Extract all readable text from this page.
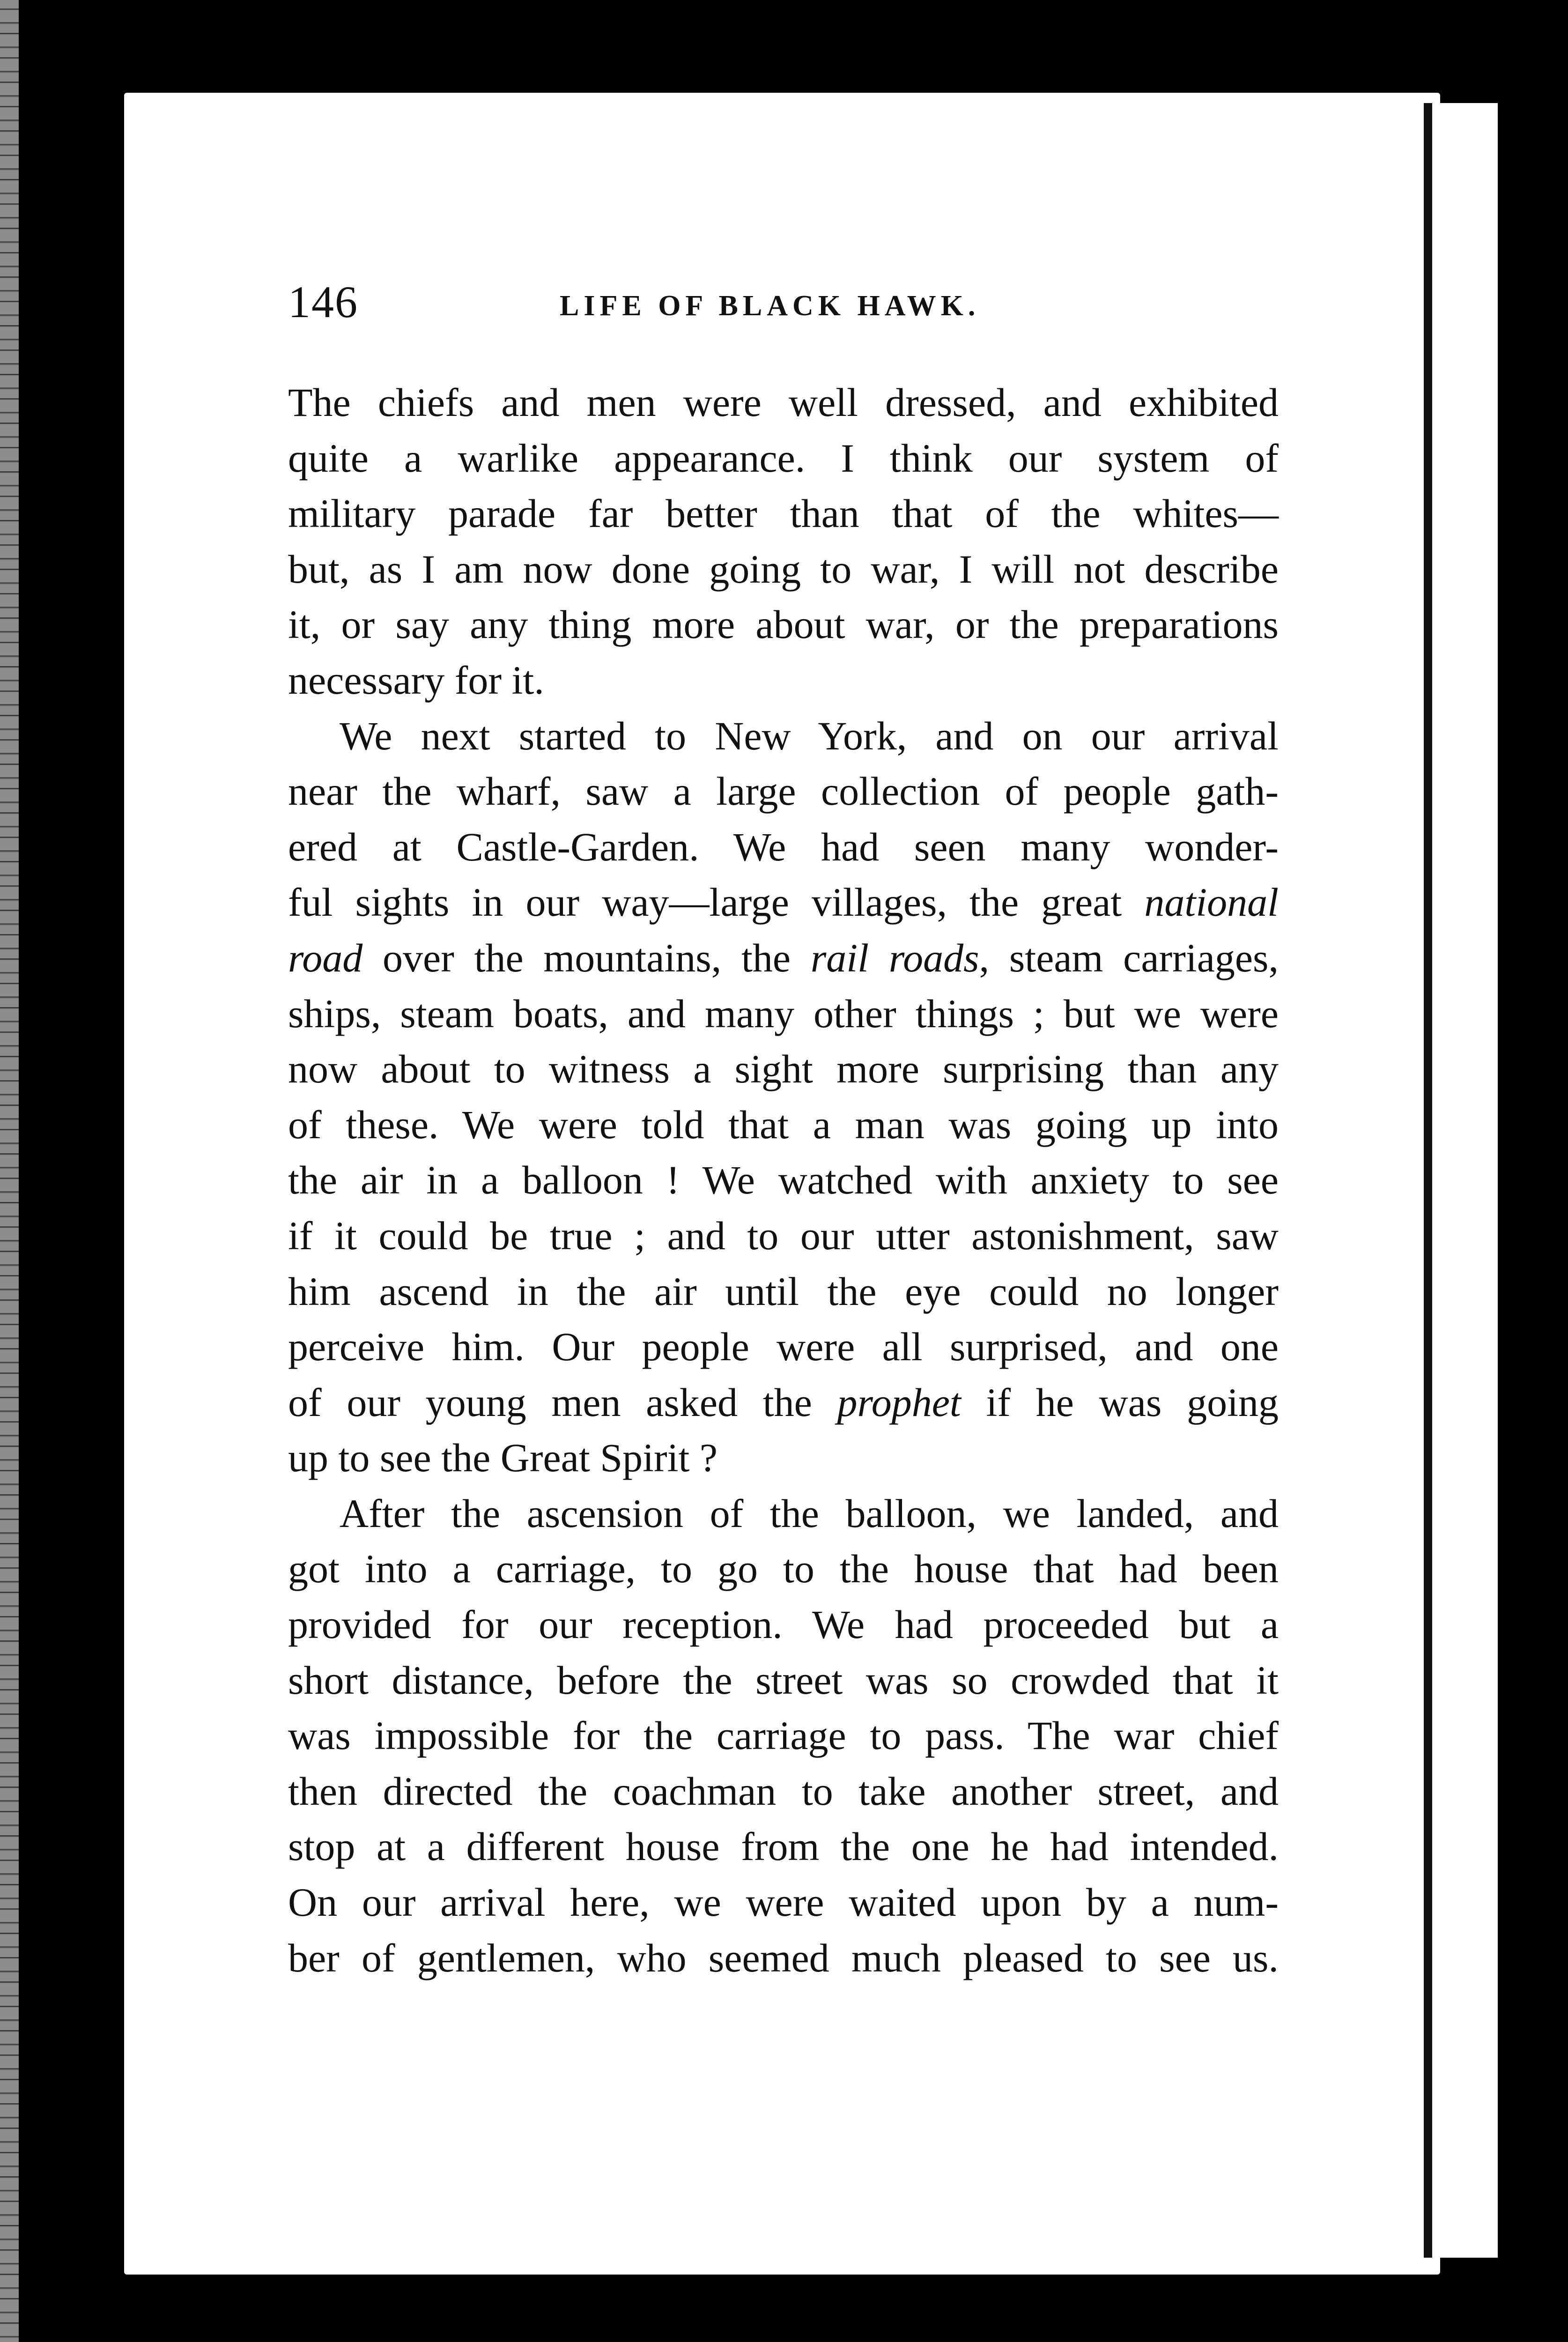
146	LIFE OF BLACK HAWK.

The chiefs and men were well dressed, and exhibited
quite a warlike appearance. I think our system of
military parade far better than that of the whites—
but, as I am now done going to war, I will not describe
it, or say any thing more about war, or the preparations
necessary for it.

We next started to New York, and on our arrival
near the wharf, saw a large collection of people gath-
ered at Castle-Garden. We had seen many wonder-
ful sights in our way—large villages, the great national
road over the mountains, the rail roads, steam carriages,
ships, steam boats, and many other things ; but we were
now about to witness a sight more surprising than any
of these. We were told that a man was going up into
the air in a balloon ! We watched with anxiety to see
if it could be true ; and to our utter astonishment, saw
him ascend in the air until the eye could no longer
perceive him. Our people were all surprised, and one
of our young men asked the prophet if he was going
up to see the Great Spirit ?

After the ascension of the balloon, we landed, and
got into a carriage, to go to the house that had been
provided for our reception. We had proceeded but a
short distance, before the street was so crowded that it
was impossible for the carriage to pass. The war chief
then directed the coachman to take another street, and
stop at a different house from the one he had intended.
On our arrival here, we were waited upon by a num-
ber of gentlemen, who seemed much pleased to see us.
